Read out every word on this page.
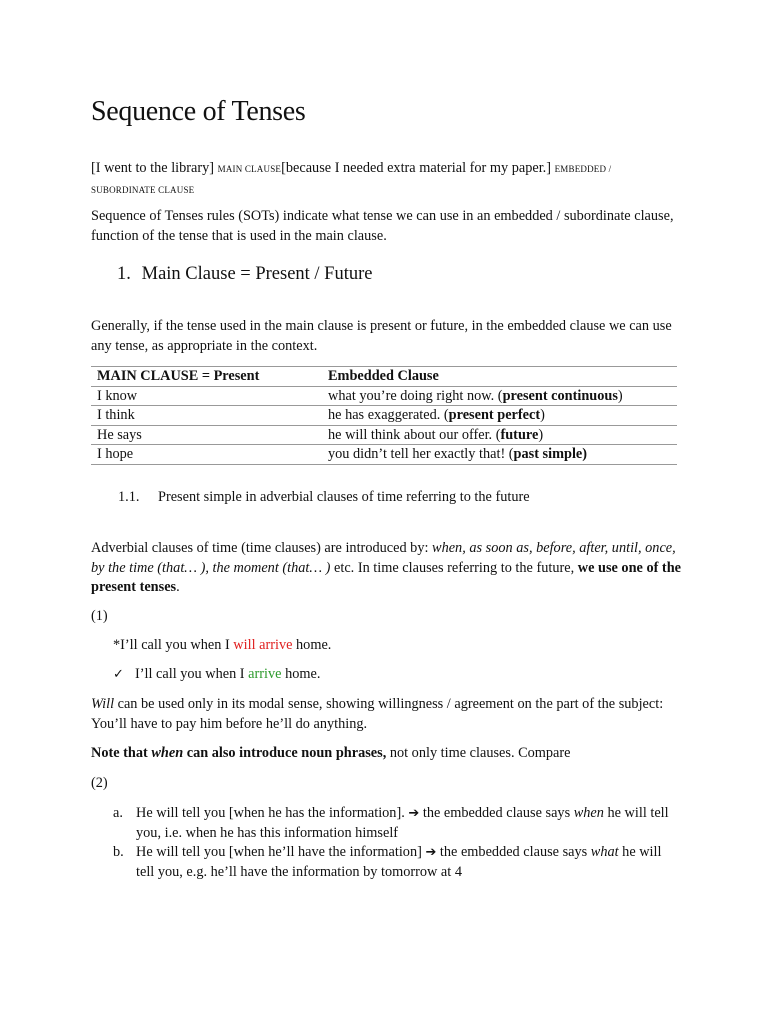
Sequence of Tenses
[I went to the library] MAIN CLAUSE[because I needed extra material for my paper.] EMBEDDED /
SUBORDINATE CLAUSE
Sequence of Tenses rules (SOTs) indicate what tense we can use in an embedded / subordinate clause, function of the tense that is used in the main clause.
1. Main Clause = Present / Future
Generally, if the tense used in the main clause is present or future, in the embedded clause we can use any tense, as appropriate in the context.
MAIN CLAUSE = Present	Embedded Clause
I know	what you’re doing right now. (present continuous)
I think	he has exaggerated. (present perfect)
He says	he will think about our offer. (future)
I hope	you didn’t tell her exactly that! (past simple)
1.1. Present simple in adverbial clauses of time referring to the future
Adverbial clauses of time (time clauses) are introduced by: when, as soon as, before, after, until, once, by the time (that… ), the moment (that… ) etc. In time clauses referring to the future, we use one of the present tenses.
(1)
*I’ll call you when I will arrive home.
✓ I’ll call you when I arrive home.
Will can be used only in its modal sense, showing willingness / agreement on the part of the subject: You’ll have to pay him before he’ll do anything.
Note that when can also introduce noun phrases, not only time clauses. Compare
(2)
a. He will tell you [when he has the information]. ➔ the embedded clause says when he will tell you, i.e. when he has this information himself
b. He will tell you [when he’ll have the information] ➔ the embedded clause says what he will tell you, e.g. he’ll have the information by tomorrow at 4
